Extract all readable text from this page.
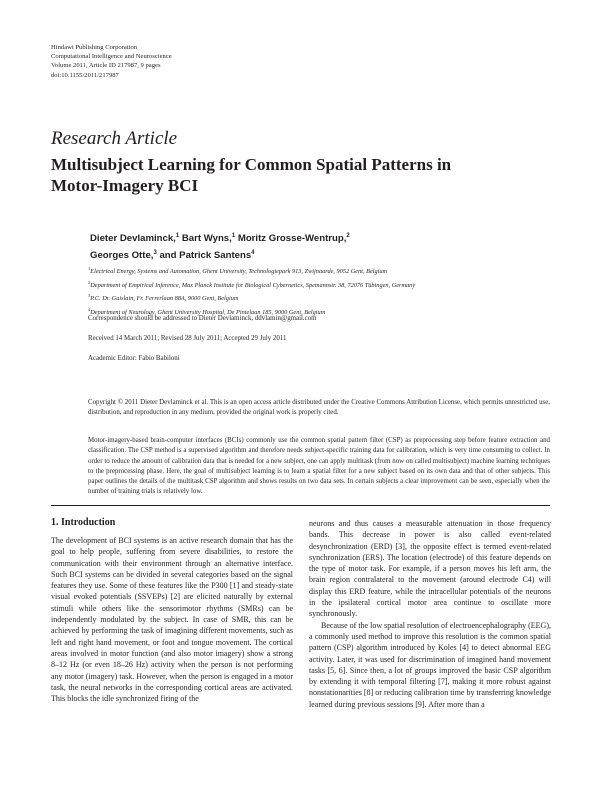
Hindawi Publishing Corporation
Computational Intelligence and Neuroscience
Volume 2011, Article ID 217987, 9 pages
doi:10.1155/2011/217987
Research Article
Multisubject Learning for Common Spatial Patterns in
Motor-Imagery BCI
Dieter Devlaminck,$^1$ Bart Wyns,$^1$ Moritz Grosse-Wentrup,$^2$
Georges Otte,$^3$ and Patrick Santens$^4$
$^1$Electrical Energy, Systems and Automation, Ghent University, Technologiepark 913, Zwijnaarde, 9052 Gent, Belgium
$^2$Department of Empirical Inference, Max Planck Institute for Biological Cybernetics, Spemannstr. 38, 72076 Tübingen, Germany
$^3$P.C. Dr. Guislain, Fr. Ferrerlaan 88A, 9000 Gent, Belgium
$^4$Department of Neurology, Ghent University Hospital, De Pintelaan 185, 9000 Gent, Belgium
Correspondence should be addressed to Dieter Devlaminck, ddvlamin@gmail.com
Received 14 March 2011; Revised 28 July 2011; Accepted 29 July 2011
Academic Editor: Fabio Babiloni
Copyright © 2011 Dieter Devlaminck et al. This is an open access article distributed under the Creative Commons Attribution License, which permits unrestricted use, distribution, and reproduction in any medium, provided the original work is properly cited.
Motor-imagery-based brain-computer interfaces (BCIs) commonly use the common spatial pattern filter (CSP) as preprocessing step before feature extraction and classification. The CSP method is a supervised algorithm and therefore needs subject-specific training data for calibration, which is very time consuming to collect. In order to reduce the amount of calibration data that is needed for a new subject, one can apply multitask (from now on called multisubject) machine learning techniques to the preprocessing phase. Here, the goal of multisubject learning is to learn a spatial filter for a new subject based on its own data and that of other subjects. This paper outlines the details of the multitask CSP algorithm and shows results on two data sets. In certain subjects a clear improvement can be seen, especially when the number of training trials is relatively low.
1. Introduction

The development of BCI systems is an active research domain that has the goal to help people, suffering from severe disabilities, to restore the communication with their environment through an alternative interface. Such BCI systems can be divided in several categories based on the signal features they use. Some of these features like the P300 [1] and steady-state visual evoked potentials (SSVEPs) [2] are elicited naturally by external stimuli while others like the sensorimotor rhythms (SMRs) can be independently modulated by the subject. In case of SMR, this can be achieved by performing the task of imagining different movements, such as left and right hand movement, or foot and tongue movement. The cortical areas involved in motor function (and also motor imagery) show a strong 8–12 Hz (or even 18–26 Hz) activity when the person is not performing any motor (imagery) task. However, when the person is engaged in a motor task, the neural networks in the corresponding cortical areas are activated. This blocks the idle synchronized firing of the

neurons and thus causes a measurable attenuation in those frequency bands. This decrease in power is also called event-related desynchronization (ERD) [3], the opposite effect is termed event-related synchronization (ERS). The location (electrode) of this feature depends on the type of motor task. For example, if a person moves his left arm, the brain region contralateral to the movement (around electrode C4) will display this ERD feature, while the intracellular potentials of the neurons in the ipsilateral cortical motor area continue to oscillate more synchronously.

Because of the low spatial resolution of electroencephalography (EEG), a commonly used method to improve this resolution is the common spatial pattern (CSP) algorithm introduced by Koles [4] to detect abnormal EEG activity. Later, it was used for discrimination of imagined hand movement tasks [5, 6]. Since then, a lot of groups improved the basic CSP algorithm by extending it with temporal filtering [7], making it more robust against nonstationarities [8] or reducing calibration time by transferring knowledge learned during previous sessions [9]. After more than a
